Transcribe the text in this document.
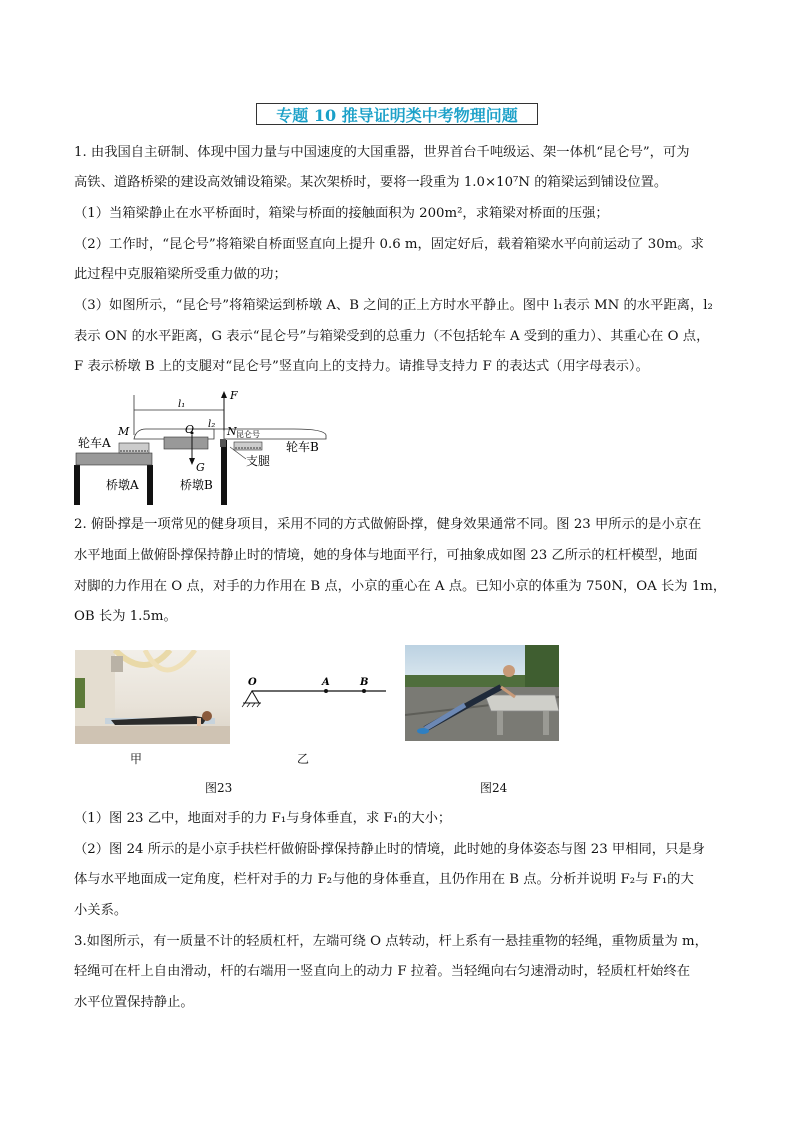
专题 10 推导证明类中考物理问题
1. 由我国自主研制、体现中国力量与中国速度的大国重器，世界首台千吨级运、架一体机“昆仑号”，可为
高铁、道路桥梁的建设高效铺设箱梁。某次架桥时，要将一段重为 1.0×10⁷N 的箱梁运到铺设位置。
（1）当箱梁静止在水平桥面时，箱梁与桥面的接触面积为 200m²，求箱梁对桥面的压强；
（2）工作时，“昆仑号”将箱梁自桥面竖直向上提升 0.6 m，固定好后，载着箱梁水平向前运动了 30m。求
此过程中克服箱梁所受重力做的功；
（3）如图所示，“昆仑号”将箱梁运到桥墩 A、B 之间的正上方时水平静止。图中 l₁表示 MN 的水平距离，l₂
表示 ON 的水平距离，G 表示“昆仑号”与箱梁受到的总重力（不包括轮车 A 受到的重力）、其重心在 O 点，
F 表示桥墩 B 上的支腿对“昆仑号”竖直向上的支持力。请推导支持力 F 的表达式（用字母表示）。
F
l₁
l₂
M	O	N 昆仑号
G
轮车A	轮车B
桥墩A	桥墩B
支腿
2. 俯卧撑是一项常见的健身项目，采用不同的方式做俯卧撑，健身效果通常不同。图 23 甲所示的是小京在
水平地面上做俯卧撑保持静止时的情境，她的身体与地面平行，可抽象成如图 23 乙所示的杠杆模型，地面
对脚的力作用在 O 点，对手的力作用在 B 点，小京的重心在 A 点。已知小京的体重为 750N，OA 长为 1m，
OB 长为 1.5m。
O	A	B
甲	乙
图23	图24
（1）图 23 乙中，地面对手的力 F₁与身体垂直，求 F₁的大小；
（2）图 24 所示的是小京手扶栏杆做俯卧撑保持静止时的情境，此时她的身体姿态与图 23 甲相同，只是身
体与水平地面成一定角度，栏杆对手的力 F₂与他的身体垂直，且仍作用在 B 点。分析并说明 F₂与 F₁的大
小关系。
3.如图所示，有一质量不计的轻质杠杆，左端可绕 O 点转动，杆上系有一悬挂重物的轻绳，重物质量为 m，
轻绳可在杆上自由滑动，杆的右端用一竖直向上的动力 F 拉着。当轻绳向右匀速滑动时，轻质杠杆始终在
水平位置保持静止。
